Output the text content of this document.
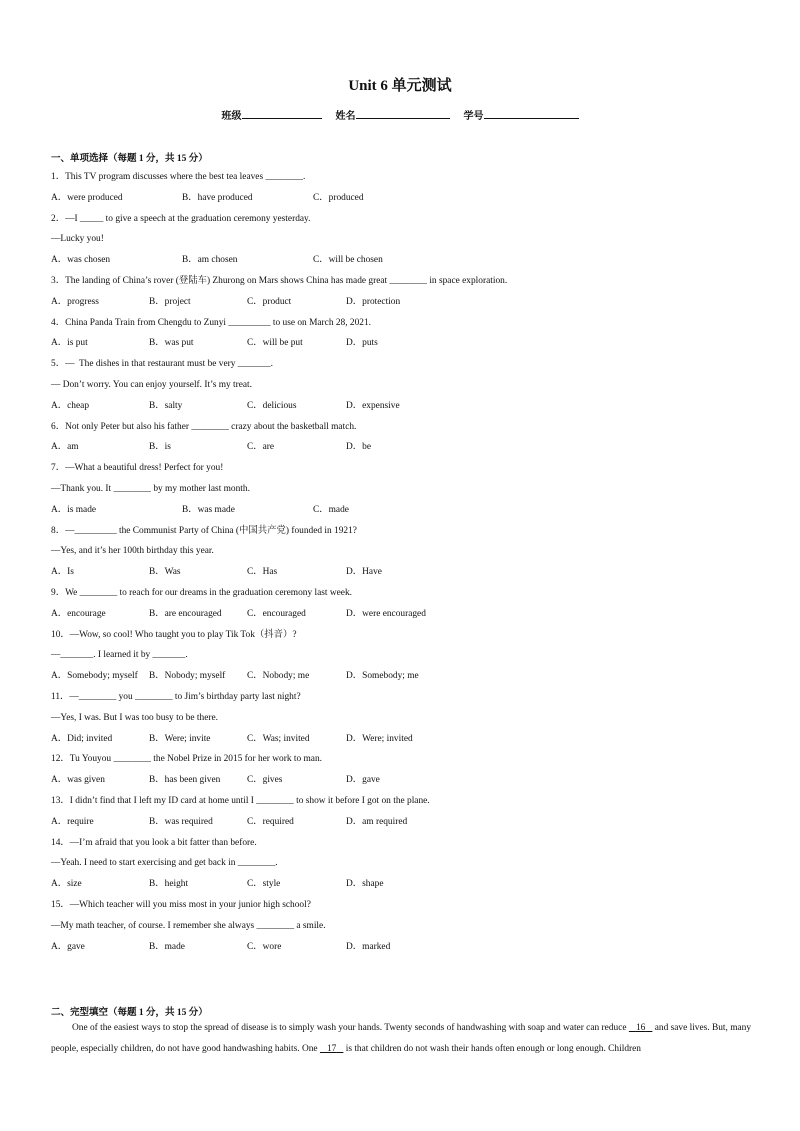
Unit 6 单元测试
班级	姓名	学号
一、单项选择（每题 1 分，共 15 分）
1．This TV program discusses where the best tea leaves ________.
A．were produced	B．have produced	C．produced
2．—I _____ to give a speech at the graduation ceremony yesterday.
—Lucky you!
A．was chosen	B．am chosen	C．will be chosen
3．The landing of China’s rover (登陆车) Zhurong on Mars shows China has made great ________ in space exploration.
A．progress	B．project	C．product	D．protection
4．China Panda Train from Chengdu to Zunyi _________ to use on March 28, 2021.
A．is put	B．was put	C．will be put	D．puts
5．—  The dishes in that restaurant must be very _______.
— Don’t worry. You can enjoy yourself. It’s my treat.
A．cheap	B．salty	C．delicious	D．expensive
6．Not only Peter but also his father ________ crazy about the basketball match.
A．am	B．is	C．are	D．be
7．—What a beautiful dress! Perfect for you!
—Thank you. It ________ by my mother last month.
A．is made	B．was made	C．made
8．—_________ the Communist Party of China (中国共产党) founded in 1921?
—Yes, and it’s her 100th birthday this year.
A．Is	B．Was	C．Has	D．Have
9．We ________ to reach for our dreams in the graduation ceremony last week.
A．encourage	B．are encouraged	C．encouraged	D．were encouraged
10．—Wow, so cool! Who taught you to play Tik Tok（抖音）?
—_______. I learned it by _______.
A．Somebody; myself B．Nobody; myself C．Nobody; me	D．Somebody; me
11．—________ you ________ to Jim’s birthday party last night?
—Yes, I was. But I was too busy to be there.
A．Did; invited	B．Were; invite	C．Was; invited	D．Were; invited
12．Tu Youyou ________ the Nobel Prize in 2015 for her work to man.
A．was given	B．has been given	C．gives	D．gave
13．I didn’t find that I left my ID card at home until I ________ to show it before I got on the plane.
A．require	B．was required	C．required	D．am required
14．—I’m afraid that you look a bit fatter than before.
—Yeah. I need to start exercising and get back in ________.
A．size	B．height	C．style	D．shape
15．—Which teacher will you miss most in your junior high school?
—My math teacher, of course. I remember she always ________ a smile.
A．gave	B．made	C．wore	D．marked
二、完型填空（每题 1 分，共 15 分）
One of the easiest ways to stop the spread of disease is to simply wash your hands. Twenty seconds of handwashing with soap and water can reduce 16 and save lives. But, many people, especially children, do not have good handwashing habits. One 17 is that children do not wash their hands often enough or long enough. Children
